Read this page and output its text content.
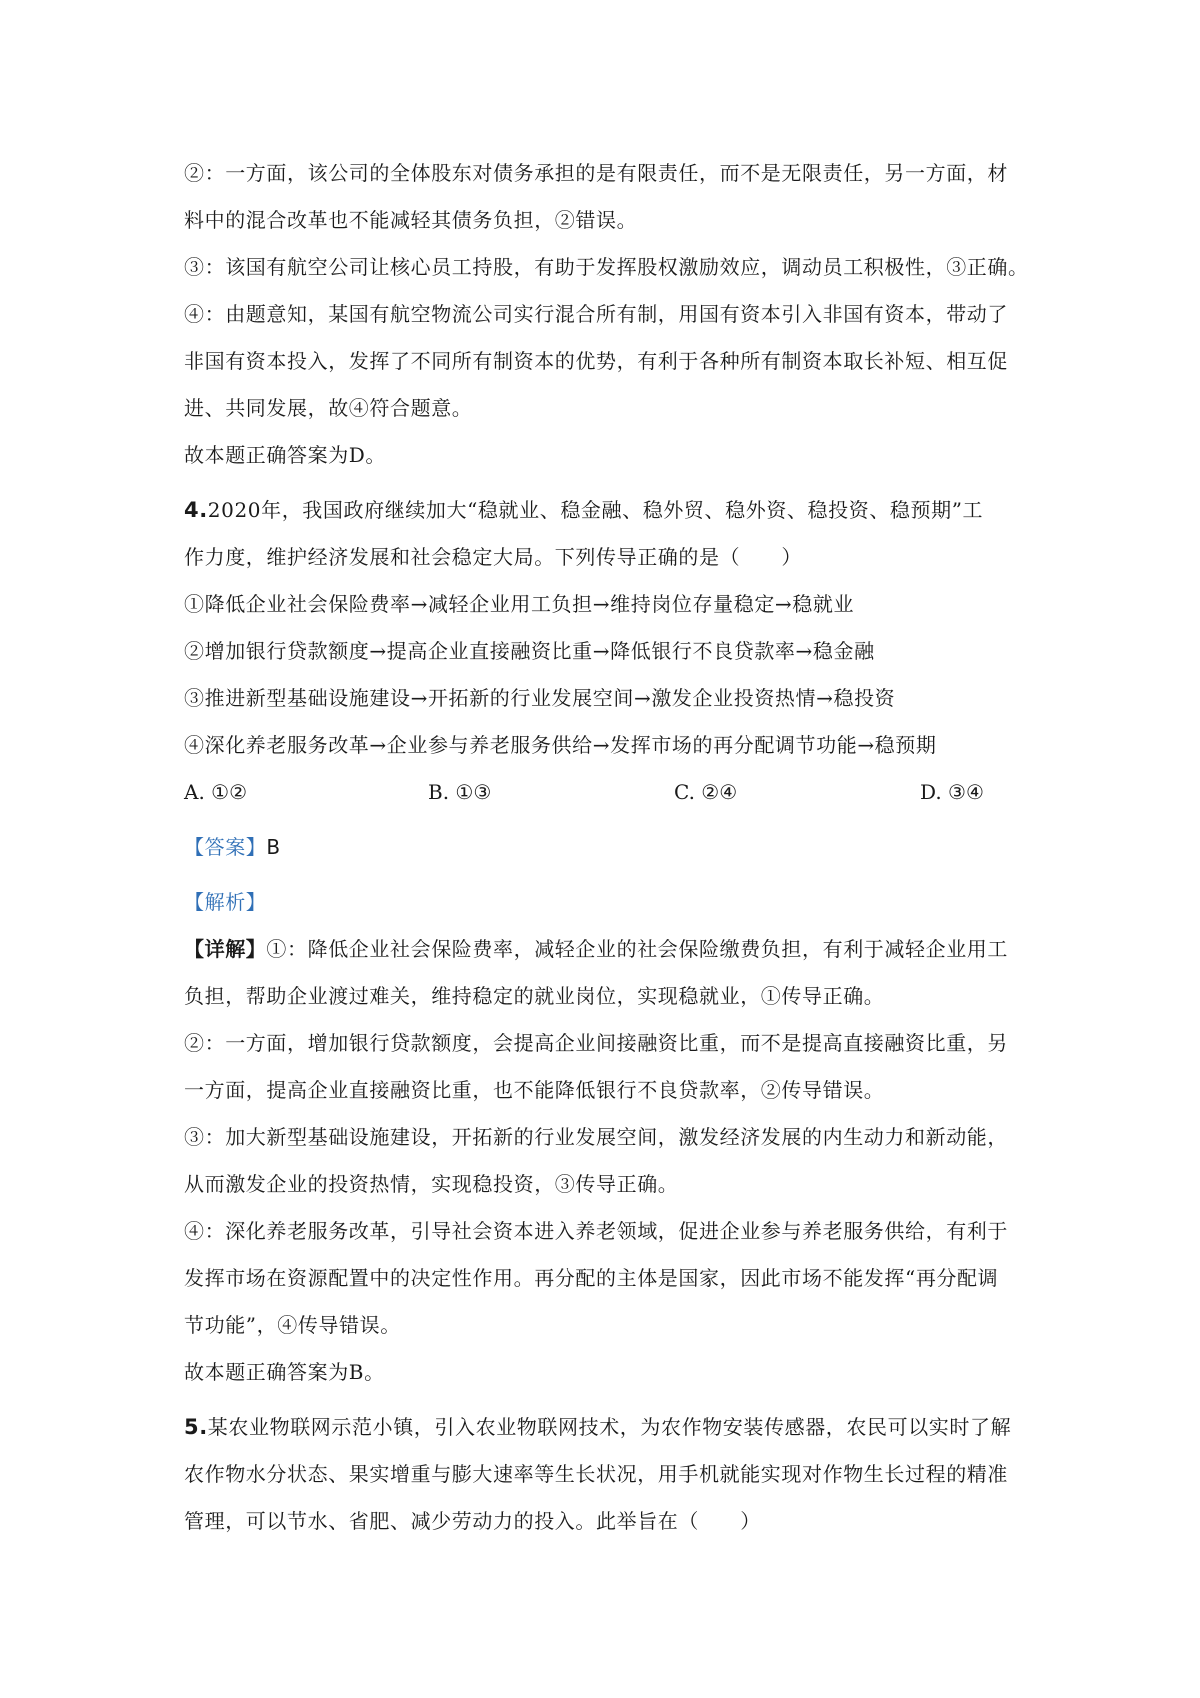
②：一方面，该公司的全体股东对债务承担的是有限责任，而不是无限责任，另一方面，材
料中的混合改革也不能减轻其债务负担，②错误。
③：该国有航空公司让核心员工持股，有助于发挥股权激励效应，调动员工积极性，③正确。
④：由题意知，某国有航空物流公司实行混合所有制，用国有资本引入非国有资本，带动了
非国有资本投入，发挥了不同所有制资本的优势，有利于各种所有制资本取长补短、相互促
进、共同发展，故④符合题意。
故本题正确答案为D。
4.2020年，我国政府继续加大“稳就业、稳金融、稳外贸、稳外资、稳投资、稳预期”工
作力度，维护经济发展和社会稳定大局。下列传导正确的是（　　）
①降低企业社会保险费率→减轻企业用工负担→维持岗位存量稳定→稳就业
②增加银行贷款额度→提高企业直接融资比重→降低银行不良贷款率→稳金融
③推进新型基础设施建设→开拓新的行业发展空间→激发企业投资热情→稳投资
④深化养老服务改革→企业参与养老服务供给→发挥市场的再分配调节功能→稳预期
A. ①②	B. ①③	C. ②④	D. ③④
【答案】B
【解析】
【详解】①：降低企业社会保险费率，减轻企业的社会保险缴费负担，有利于减轻企业用工
负担，帮助企业渡过难关，维持稳定的就业岗位，实现稳就业，①传导正确。
②：一方面，增加银行贷款额度，会提高企业间接融资比重，而不是提高直接融资比重，另
一方面，提高企业直接融资比重，也不能降低银行不良贷款率，②传导错误。
③：加大新型基础设施建设，开拓新的行业发展空间，激发经济发展的内生动力和新动能，
从而激发企业的投资热情，实现稳投资，③传导正确。
④：深化养老服务改革，引导社会资本进入养老领域，促进企业参与养老服务供给，有利于
发挥市场在资源配置中的决定性作用。再分配的主体是国家，因此市场不能发挥“再分配调
节功能”，④传导错误。
故本题正确答案为B。
5.某农业物联网示范小镇，引入农业物联网技术，为农作物安装传感器，农民可以实时了解
农作物水分状态、果实增重与膨大速率等生长状况，用手机就能实现对作物生长过程的精准
管理，可以节水、省肥、减少劳动力的投入。此举旨在（　　）
